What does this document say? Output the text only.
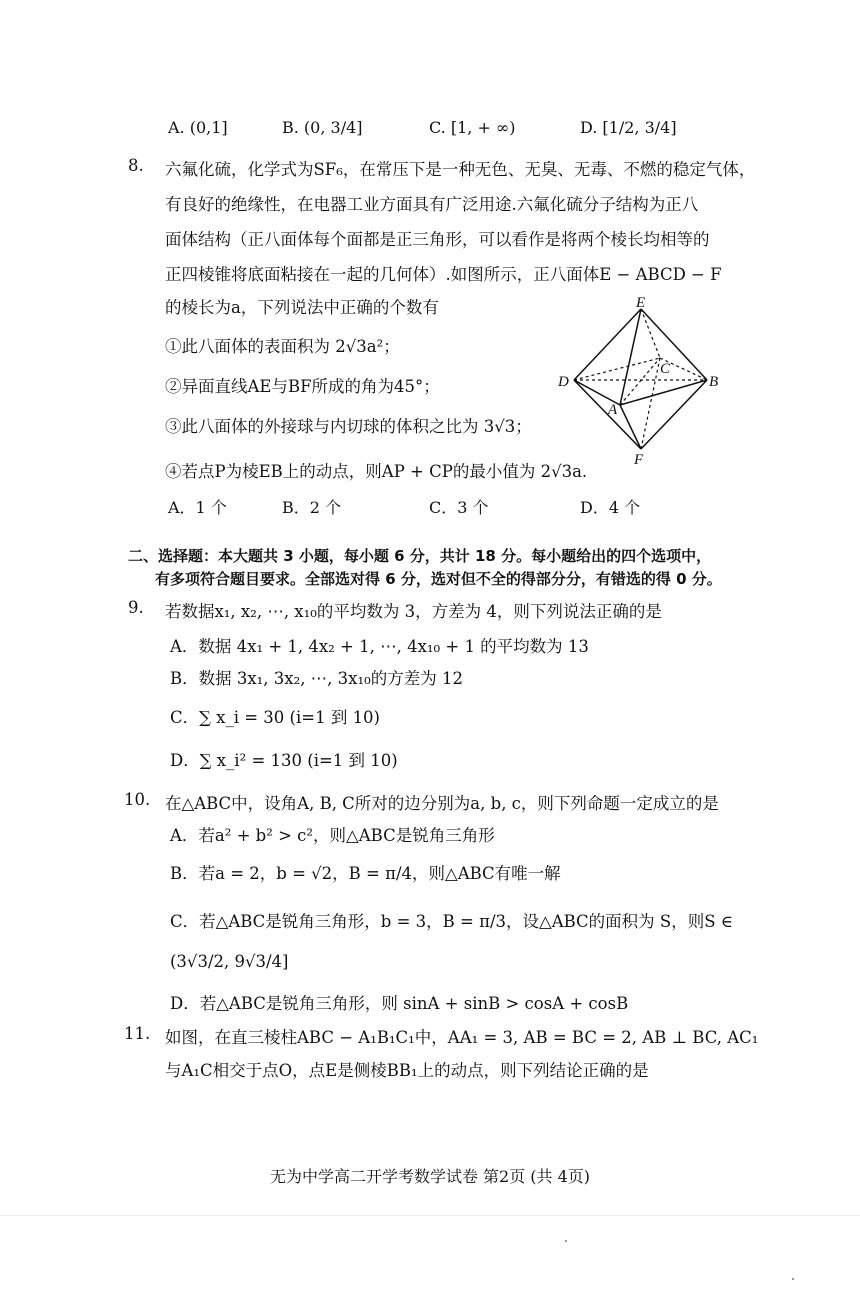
A. (0,1]	B. (0, 3/4]	C. [1, + ∞)	D. [1/2, 3/4]
8. 六氟化硫，化学式为SF₆，在常压下是一种无色、无臭、无毒、不燃的稳定气体，
有良好的绝缘性，在电器工业方面具有广泛用途.六氟化硫分子结构为正八
面体结构（正八面体每个面都是正三角形，可以看作是将两个棱长均相等的
正四棱锥将底面粘接在一起的几何体）.如图所示，正八面体E − ABCD − F
的棱长为a，下列说法中正确的个数有
①此八面体的表面积为 2√3a²；
②异面直线AE与BF所成的角为45°；
③此八面体的外接球与内切球的体积之比为 3√3；
④若点P为棱EB上的动点，则AP + CP的最小值为 2√3a.
E
C
D	B
A
F
A．1 个	B．2 个	C．3 个	D．4 个
二、选择题：本大题共 3 小题，每小题 6 分，共计 18 分。每小题给出的四个选项中，
有多项符合题目要求。全部选对得 6 分，选对但不全的得部分分，有错选的得 0 分。
9. 若数据x₁, x₂, ⋯, x₁₀的平均数为 3，方差为 4，则下列说法正确的是
A．数据 4x₁ + 1, 4x₂ + 1, ⋯, 4x₁₀ + 1 的平均数为 13
B．数据 3x₁, 3x₂, ⋯, 3x₁₀的方差为 12
C．∑ x_i = 30 (i=1 到 10)
D．∑ x_i² = 130 (i=1 到 10)
10. 在△ABC中，设角A, B, C所对的边分别为a, b, c，则下列命题一定成立的是
A．若a² + b² > c²，则△ABC是锐角三角形
B．若a = 2，b = √2，B = π/4，则△ABC有唯一解
C．若△ABC是锐角三角形，b = 3，B = π/3，设△ABC的面积为 S，则S ∈
(3√3/2, 9√3/4]
D．若△ABC是锐角三角形，则 sinA + sinB > cosA + cosB
11. 如图，在直三棱柱ABC − A₁B₁C₁中，AA₁ = 3, AB = BC = 2, AB ⊥ BC, AC₁
与A₁C相交于点O，点E是侧棱BB₁上的动点，则下列结论正确的是
无为中学高二开学考数学试卷 第2页 (共 4页)
